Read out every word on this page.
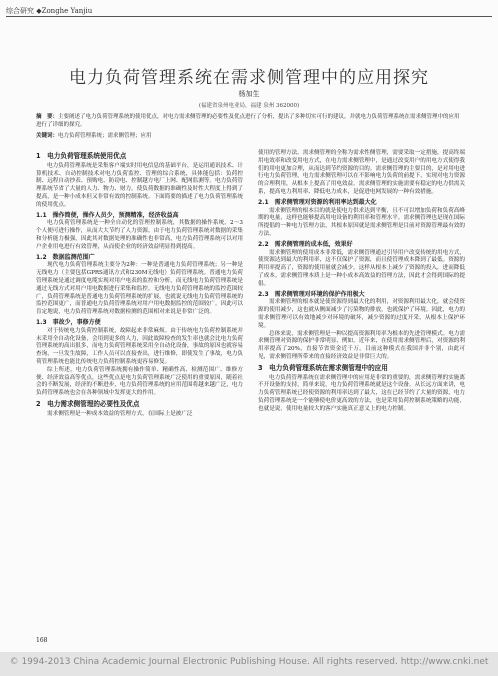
综合研究 ◆Zonghe Yanjiu
电力负荷管理系统在需求侧管理中的应用探究
杨加生
(福建省泉州电业局，福建 泉州 362000)
摘　要：主要阐述了电力负荷管理系统的使用优点，对电力需求侧管理的必要性及优点进行了分析，提出了多种切实可行的建议，并就电力负荷管理系统在需求侧管理中的应用进行了详细的探究。
关键词：电力负荷管理系统；需求侧管理；应用
1　电力负荷管理系统使用优点

电力负荷管理系统是采集客户端实时用电信息的基础平台，是运用通讯技术、计算机技术、自动控制技术对电力负荷监控、管理的综合系统，具体能包括：负荷控制、远程自动抄表、预购电、防窃电、控制越方电厂上网、配网监测等。电力负荷管理系统节省了大量的人力、物力、财力，使负荷数据的准确性及时性大程度上得到了提高，是一种小成本但又非常有效的控制系统。下面简要的描述了电力负荷管理系统的使用优点。

1.1　操作简便，操作人员少，预测精准，经济收益高

电力负荷管理系统是一种全自动化的管理控制系统，其数据的操作系统，2～3个人便可进行操作，从而大大节约了人力资源。由于电力负荷管理系统对数据的采集和分析能力极强，因此其对数据处理的准确性也非常高，电力负荷管理系统可以对用户企业用电进行有效管理，从而使企业的经济效益明显得到提高。

1.2　数据监测范围广

现代电力负荷管理系统主要分为2种：一种是普通电力负荷管理系统；另一种是无线电力（主要包括GPRS通讯方式和230M无线电）负荷管理系统。普通电力负荷管理系统是通过调度电缆实现对用户电表的监控和分析，而无线电力负荷管理系统是通过无线方式对用户用电数据进行采集和监控。无线电力负荷管理系统的监控范围较广，负荷管理系统是普通电力负荷管理系统的扩展，也就说无线电力负荷管理系统的监控范围更广，而普通电力负荷管理系统对用户用电数据监控的范围较广。因此可以肯定地说，电力负荷管理系统对数据检测的范围相对来说是非常广泛的。

1.3　事故少，事修方便

对于传统电力负荷控制系统，故障起来非常麻烦。由于传统电力负荷控制系统并未采用全自动化设备，会用到更多的人力，因此故障检查的发生率也就会比电力负荷管理系统的高出很多，而电力负荷管理系统采用全自动化设备，事故的原因也就容易查询，一旦发生故障，工作人员可以直接查出，进行维修，即使发生了事故，电力负荷管理系统也能比传统电力负荷控制系统更容易修复。

综上所述，电力负荷管理系统拥有操作简单、精确性高、检测范围广、维修方便、经济效益高等优点，这些优点是电力负荷管理系统广泛使用的重要原因，随着社会的不断发展，经济的不断进步，电力负荷管理系统的应用范围将越来越广泛，电力负荷管理系统也会在各种领域中发挥更大的作用。

2　电力需求侧管理的必要性及优点

需求侧管理是一种成本效益的管理方式，在国际上是被广泛

使用的管理方法。需求侧管理的全称为需求性侧管理，需要采取一定措施，提高终端用电效率和改变用电方式，在电力需求侧管理中，是通过改变用户的用电方式使得我们的用电更加合理，从而达到节约资源的目的。需求侧管理的主要目的，是对用电进行电力负荷管理，电力需求侧管理可以在不影响电力负荷的前提下，实现对电力资源的合理利用，从根本上提高了用电效益。需求侧管理的实施需要有稳定的电力供需关系，提高电力利用率、降低电力成本，是促进电网发展的一种有效措施。

2.1　需求侧管理对资源的利用率达到最大化

需求侧管理的根本目的就是使电力供求达到平衡，且不可以增加负荷和负荷高峰期的电量，这样也能够提高用电设备的利用率和管理水平。需求侧管理也是现在国际所提倡的一种电力管理方法，其根本原因就是需求侧管理是目前对资源管理最有效的方法。

2.2　需求侧管理的成本低，效果好

需求侧管理的使用成本非常低，需求侧管理通过引导用户改变传统的用电方式，使资源达到最大的利用率，这不仅保护了资源，而且使管理成本降到了最低。资源的利用率提高了，资源的使用量就会减少，这样从根本上减少了资源的投入，进而降低了成本。需求侧管理本质上是一种小成本高效益的管理方法，因此才会得到国际的提倡。

2.3　需求侧管理对环境的保护作用极大

需求侧管理的根本就是使资源得到最大化的利用，对资源利用最大化，就会使资源的使用减少，这也就从侧面减少了污染物的排放，也就保护了环境。因此，电力的需求侧管理可以有效地减少对环境的破坏，减少资源的过度开采，从根本上保护环境。

总体来说，需求侧管理是一种以提高资源利用率为根本的先进管理模式。电力需求侧管理对资源的保护非常明显，例如，近年来，在使用需求侧管理后，对资源的利用率提高了20%，直接节省资金近千万。目前这种模式在我国并非个别，由此可见，需求侧管理所带来的直接经济效益是非常巨大的。

3　电力负荷管理系统在需求侧管理中的应用

电力负荷管理系统在需求侧管理中的应用是非常的重要的，需求侧管理的实施离不开设备的支持，简单来说，电力负荷管理系统就是这个设备。从长远方面来讲，电力负荷管理系统已经使资源的利用率达到了最大，这在已经节约了大量的资源，电力负荷管理系统是一个能够使电价更高效的方法，也是采用负荷控制系统策略的功能，也就是说，使用电量较大的客户实施真正意义上的电力控制。

168
© 1994-2013 China Academic Journal Electronic Publishing House. All rights reserved. http://www.cnki.net
